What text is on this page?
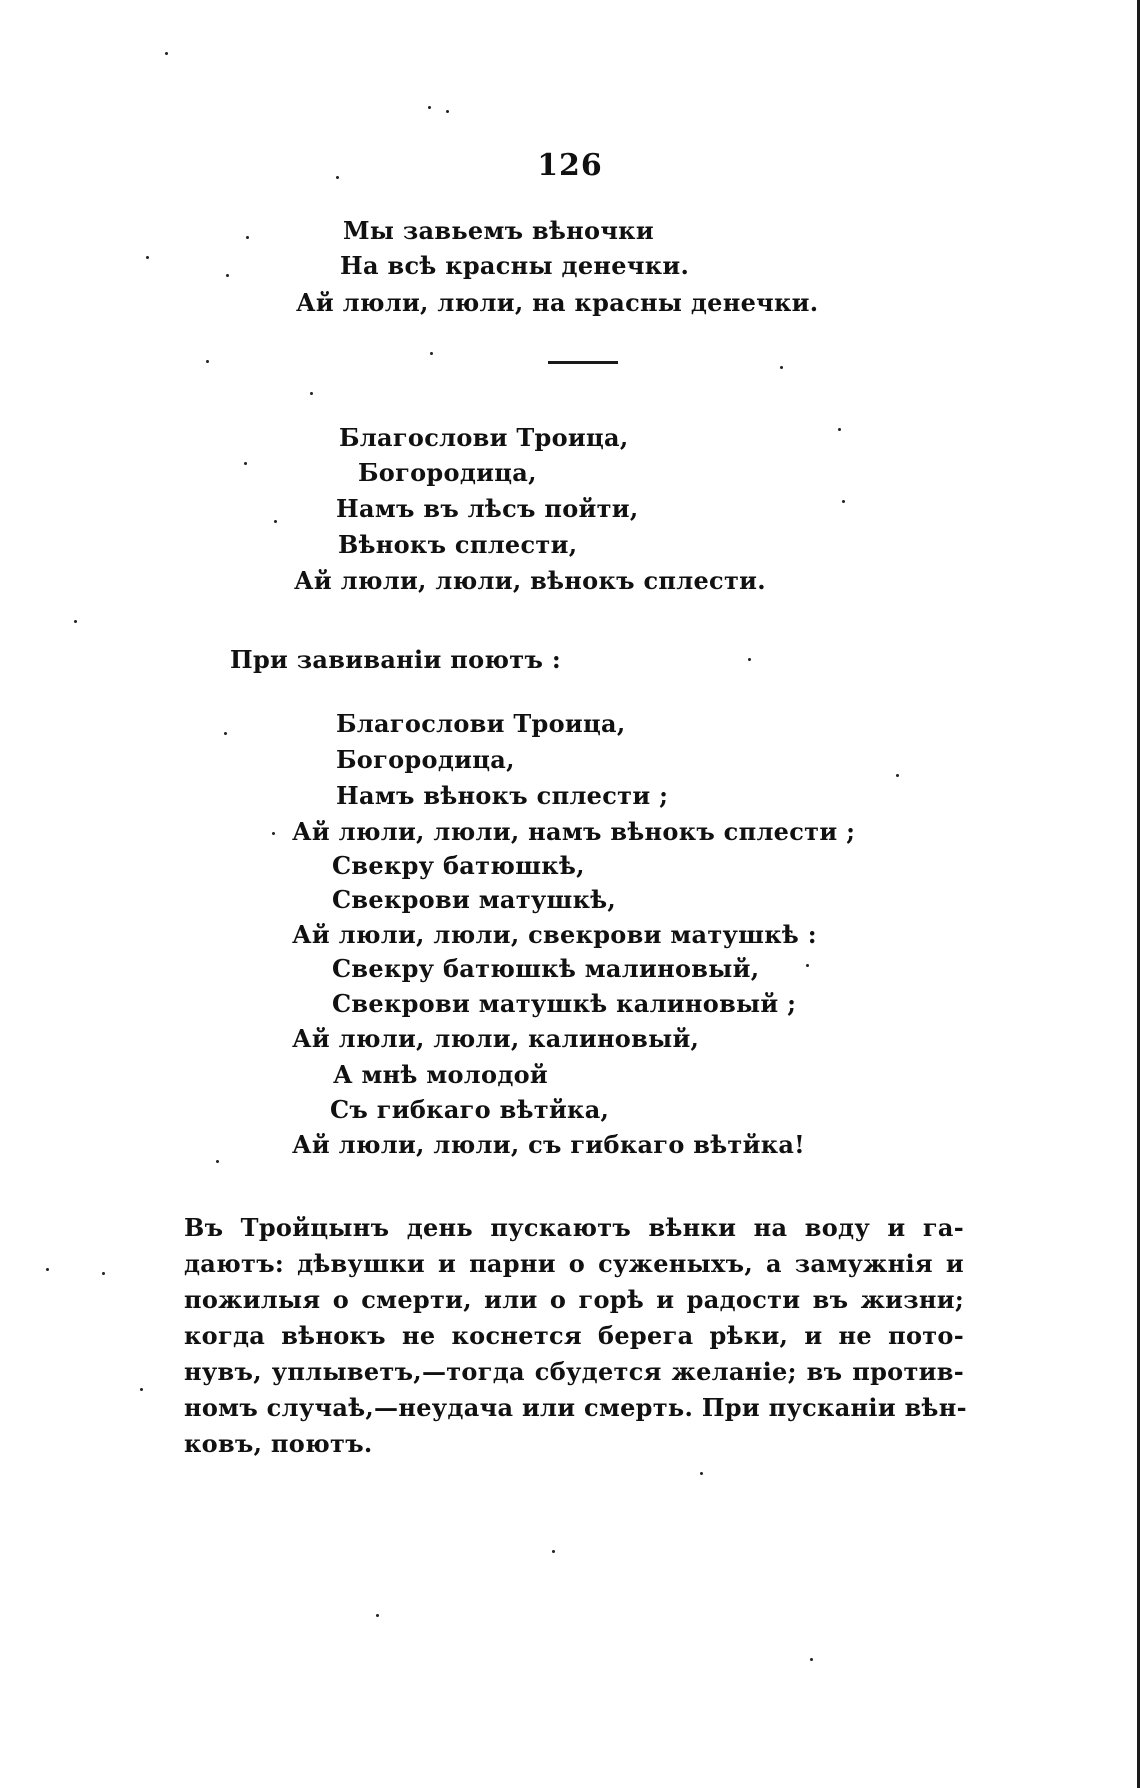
126
Мы завьемъ вѣночки
На всѣ красны денечки.
Ай люли, люли, на красны денечки.
Благослови Троица,
Богородица,
Намъ въ лѣсъ пойти,
Вѣнокъ сплести,
Ай люли, люли, вѣнокъ сплести.
При завиваніи поютъ :
Благослови Троица,
Богородица,
Намъ вѣнокъ сплести ;
Ай люли, люли, намъ вѣнокъ сплести ;
Свекру батюшкѣ,
Свекрови матушкѣ,
Ай люли, люли, свекрови матушкѣ :
Свекру батюшкѣ малиновый,
Свекрови матушкѣ калиновый ;
Ай люли, люли, калиновый,
А мнѣ молодой
Съ гибкаго вѣтйка,
Ай люли, люли, съ гибкаго вѣтйка!
Въ Тройцынъ день пускаютъ вѣнки на воду и га-
даютъ: дѣвушки и парни о суженыхъ, а замужнія и
пожилыя о смерти, или о горѣ и радости въ жизни;
когда вѣнокъ не коснется берега рѣки, и не пото-
нувъ, уплыветъ,—тогда сбудется желаніе; въ против-
номъ случаѣ,—неудача или смерть. При пусканіи вѣн-
ковъ, поютъ.
